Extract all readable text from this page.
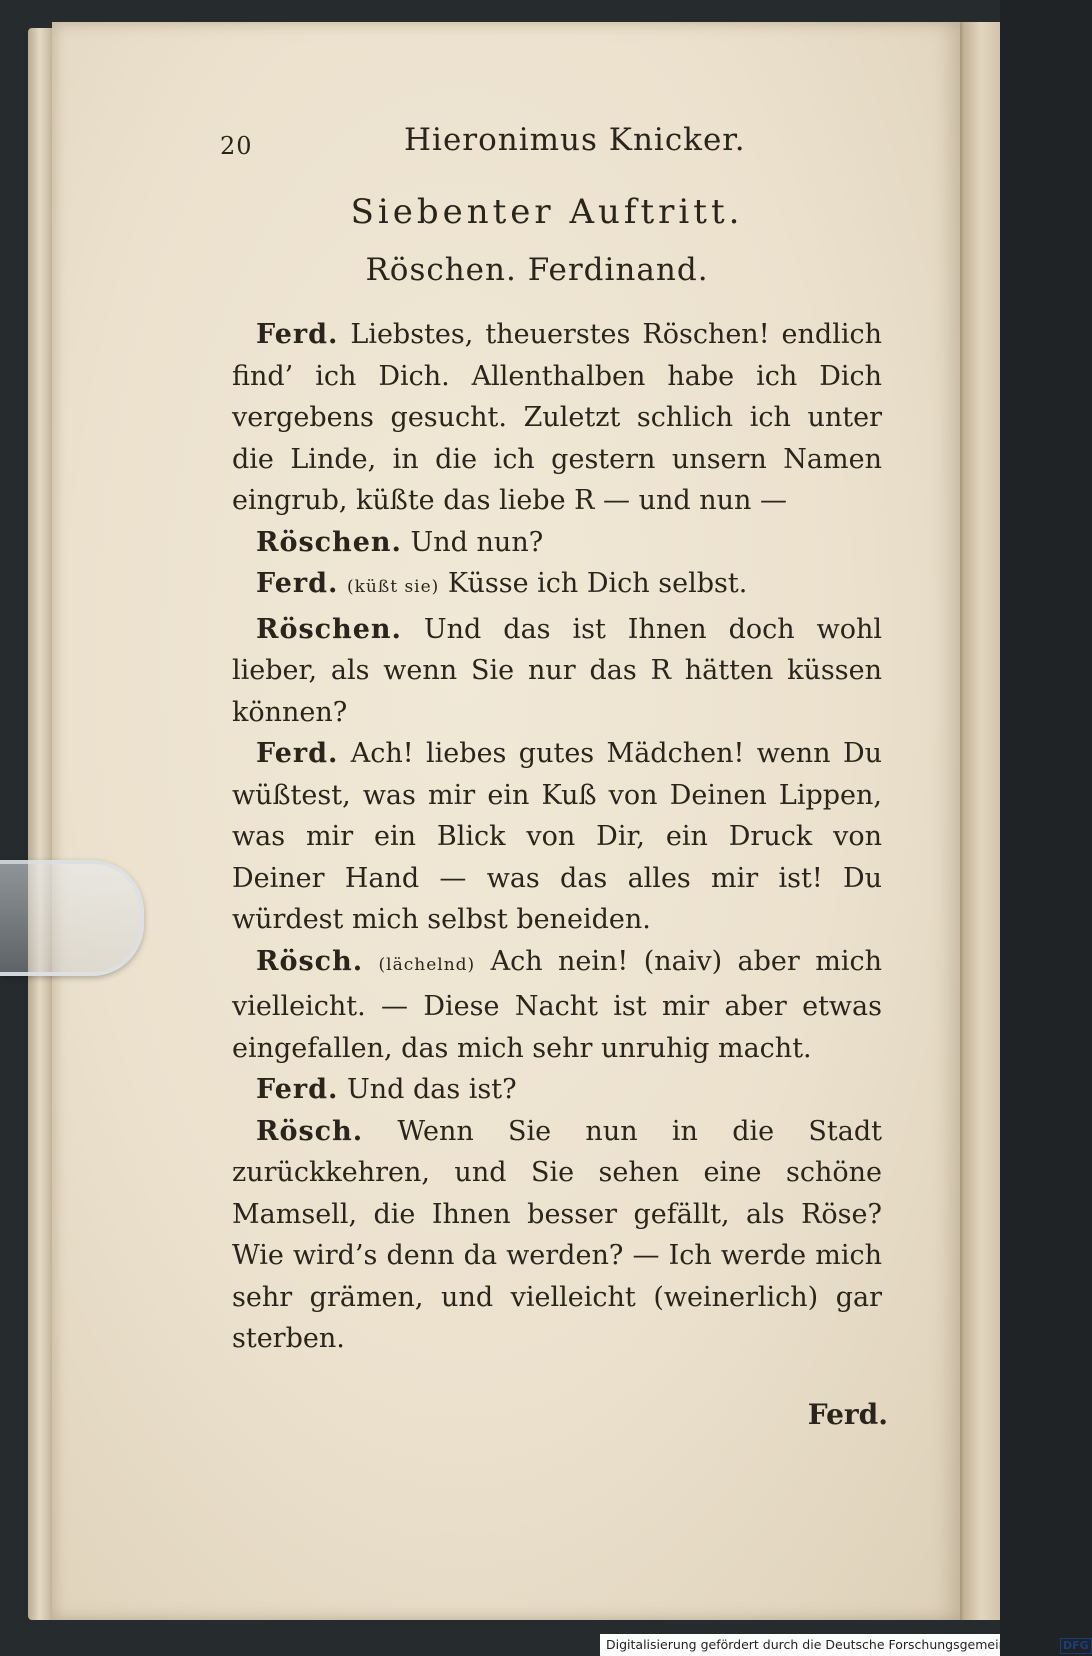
20	Hieronimus Knicker.
Siebenter Auftritt.
Röschen. Ferdinand.

Ferd. Liebstes, theuerstes Röschen! endlich find’ ich Dich. Allenthalben habe ich Dich vergebens gesucht. Zuletzt schlich ich unter die Linde, in die ich gestern unsern Namen eingrub, küßte das liebe R — und nun —

Röschen. Und nun?

Ferd. (küßt sie) Küsse ich Dich selbst.

Röschen. Und das ist Ihnen doch wohl lieber, als wenn Sie nur das R hätten küssen können?

Ferd. Ach! liebes gutes Mädchen! wenn Du wüßtest, was mir ein Kuß von Deinen Lippen, was mir ein Blick von Dir, ein Druck von Deiner Hand — was das alles mir ist! Du würdest mich selbst beneiden.

Rösch. (lächelnd) Ach nein! (naiv) aber mich vielleicht. — Diese Nacht ist mir aber etwas eingefallen, das mich sehr unruhig macht.

Ferd. Und das ist?

Rösch. Wenn Sie nun in die Stadt zurückkehren, und Sie sehen eine schöne Mamsell, die Ihnen besser gefällt, als Röse? Wie wird’s denn da werden? — Ich werde mich sehr grämen, und vielleicht (weinerlich) gar sterben.

Ferd.
Digitalisierung gefördert durch die Deutsche Forschungsgemeinschaft - DFG
